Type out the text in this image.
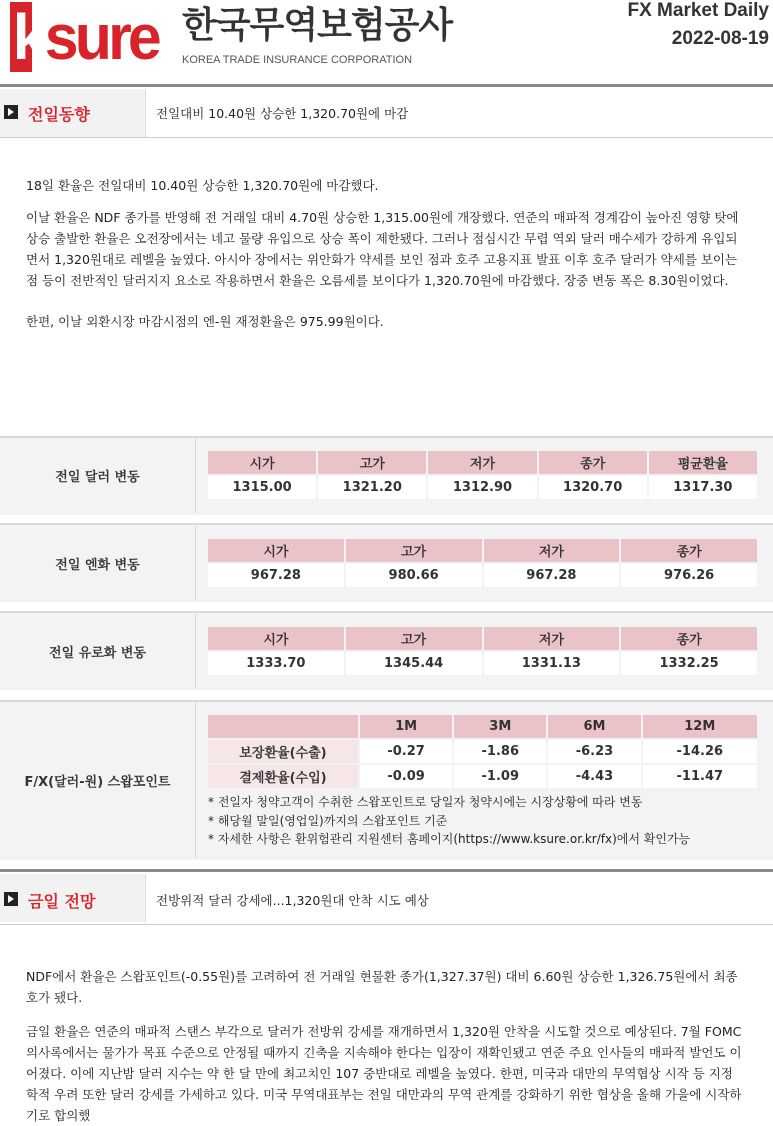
ksure 한국무역보험공사
KOREA TRADE INSURANCE CORPORATION
FX Market Daily
2022-08-19
전일동향	전일대비 10.40원 상승한 1,320.70원에 마감

18일 환율은 전일대비 10.40원 상승한 1,320.70원에 마감했다.

이날 환율은 NDF 종가를 반영해 전 거래일 대비 4.70원 상승한 1,315.00원에 개장했다. 연준의 매파적 경계감이 높아진 영향 탓에 상승 출발한 환율은 오전장에서는 네고 물량 유입으로 상승 폭이 제한됐다. 그러나 점심시간 무렵 역외 달러 매수세가 강하게 유입되면서 1,320원대로 레벨을 높였다. 아시아 장에서는 위안화가 약세를 보인 점과 호주 고용지표 발표 이후 호주 달러가 약세를 보이는 점 등이 전반적인 달러지지 요소로 작용하면서 환율은 오름세를 보이다가 1,320.70원에 마감했다. 장중 변동 폭은 8.30원이었다.

한편, 이날 외환시장 마감시점의 엔-원 재정환율은 975.99원이다.

전일 달러 변동
시가	고가	저가	종가	평균환율
1315.00	1321.20	1312.90	1320.70	1317.30
전일 엔화 변동
시가	고가	저가	종가
967.28	980.66	967.28	976.26
전일 유로화 변동
시가	고가	저가	종가
1333.70	1345.44	1331.13	1332.25
F/X(달러-원) 스왑포인트
	1M	3M	6M	12M
보장환율(수출)	-0.27	-1.86	-6.23	-14.26
결제환율(수입)	-0.09	-1.09	-4.43	-11.47
* 전일자 청약고객이 수취한 스왑포인트로 당일자 청약시에는 시장상황에 따라 변동
* 해당월 말일(영업일)까지의 스왑포인트 기준
* 자세한 사항은 환위험관리 지원센터 홈페이지(https://www.ksure.or.kr/fx)에서 확인가능
금일 전망	전방위적 달러 강세에...1,320원대 안착 시도 예상

NDF에서 환율은 스왑포인트(-0.55원)를 고려하여 전 거래일 현물환 종가(1,327.37원) 대비 6.60원 상승한 1,326.75원에서 최종호가 됐다.

금일 환율은 연준의 매파적 스탠스 부각으로 달러가 전방위 강세를 재개하면서 1,320원 안착을 시도할 것으로 예상된다. 7월 FOMC 의사록에서는 물가가 목표 수준으로 안정될 때까지 긴축을 지속해야 한다는 입장이 재확인됐고 연준 주요 인사들의 매파적 발언도 이어졌다. 이에 지난밤 달러 지수는 약 한 달 만에 최고치인 107 중반대로 레벨을 높였다. 한편, 미국과 대만의 무역협상 시작 등 지정학적 우려 또한 달러 강세를 가세하고 있다. 미국 무역대표부는 전일 대만과의 무역 관계를 강화하기 위한 협상을 올해 가을에 시작하기로 합의했
